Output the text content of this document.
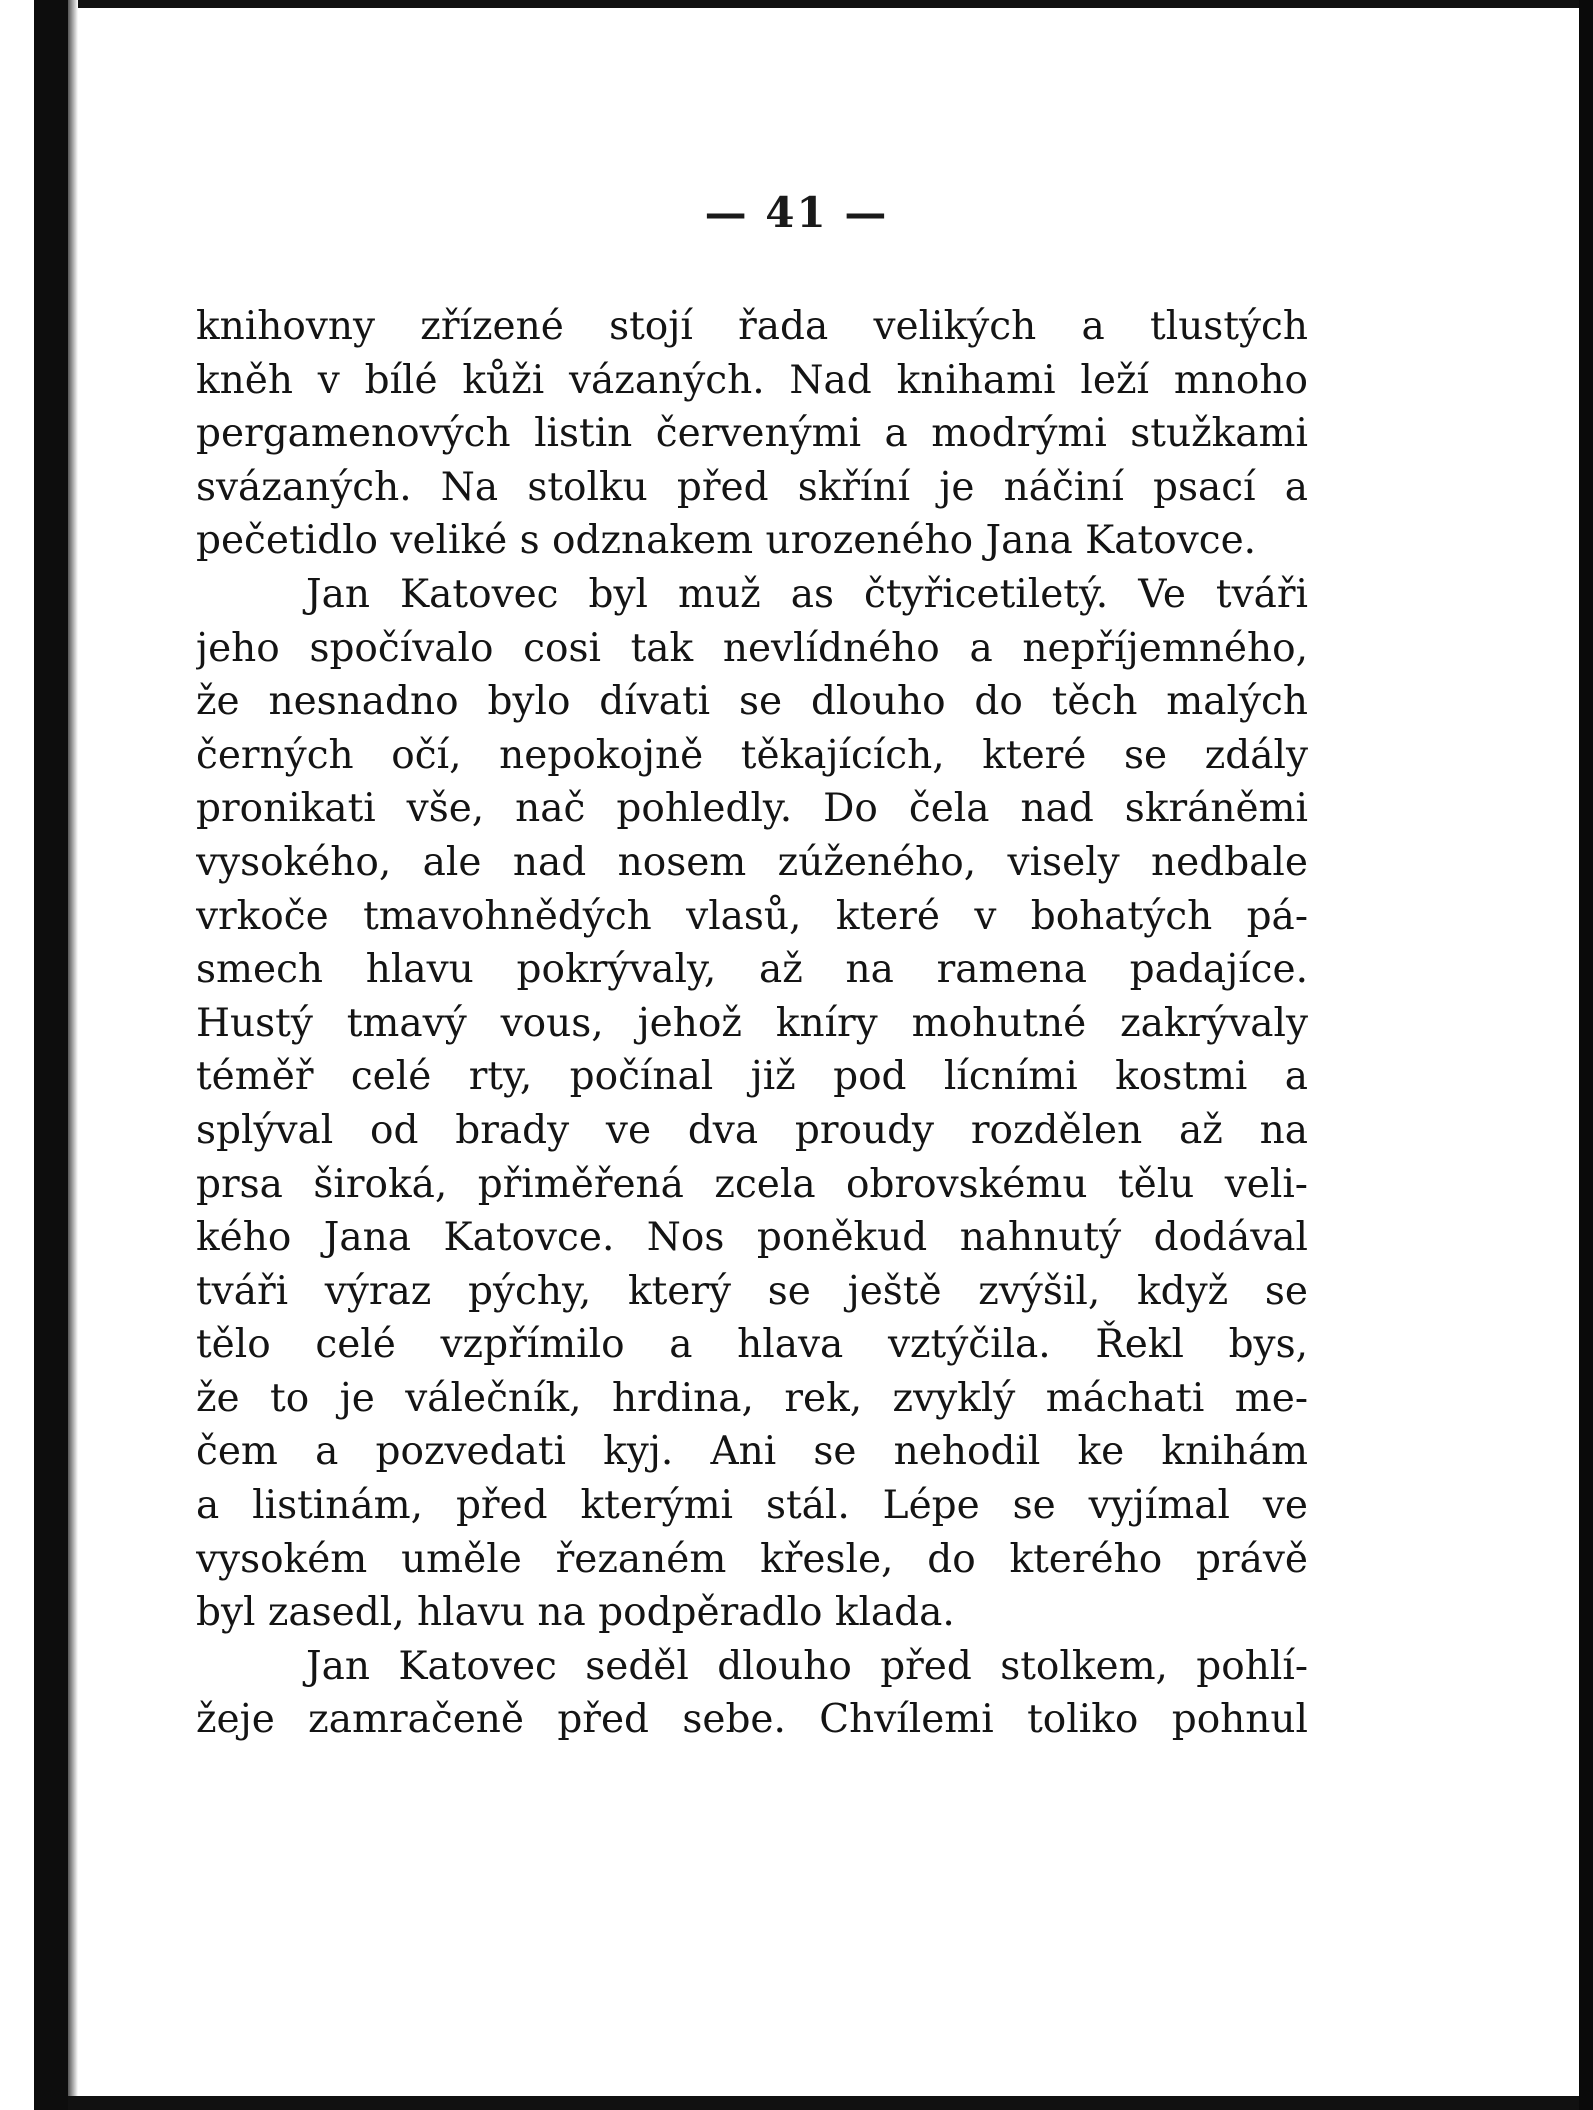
— 41 —
knihovny zřízené stojí řada velikých a tlustých
kněh v bílé kůži vázaných. Nad knihami leží mnoho
pergamenových listin červenými a modrými stužkami
svázaných. Na stolku před skříní je náčiní psací a
pečetidlo veliké s odznakem urozeného Jana Katovce.
Jan Katovec byl muž as čtyřicetiletý. Ve tváři
jeho spočívalo cosi tak nevlídného a nepříjemného,
že nesnadno bylo dívati se dlouho do těch malých
černých očí, nepokojně těkajících, které se zdály
pronikati vše, nač pohledly. Do čela nad skráněmi
vysokého, ale nad nosem zúženého, visely nedbale
vrkoče tmavohnědých vlasů, které v bohatých pá-
smech hlavu pokrývaly, až na ramena padajíce.
Hustý tmavý vous, jehož kníry mohutné zakrývaly
téměř celé rty, počínal již pod lícními kostmi a
splýval od brady ve dva proudy rozdělen až na
prsa široká, přiměřená zcela obrovskému tělu veli-
kého Jana Katovce. Nos poněkud nahnutý dodával
tváři výraz pýchy, který se ještě zvýšil, když se
tělo celé vzpřímilo a hlava vztýčila. Řekl bys,
že to je válečník, hrdina, rek, zvyklý máchati me-
čem a pozvedati kyj. Ani se nehodil ke knihám
a listinám, před kterými stál. Lépe se vyjímal ve
vysokém uměle řezaném křesle, do kterého právě
byl zasedl, hlavu na podpěradlo klada.
Jan Katovec seděl dlouho před stolkem, pohlí-
žeje zamračeně před sebe. Chvílemi toliko pohnul
